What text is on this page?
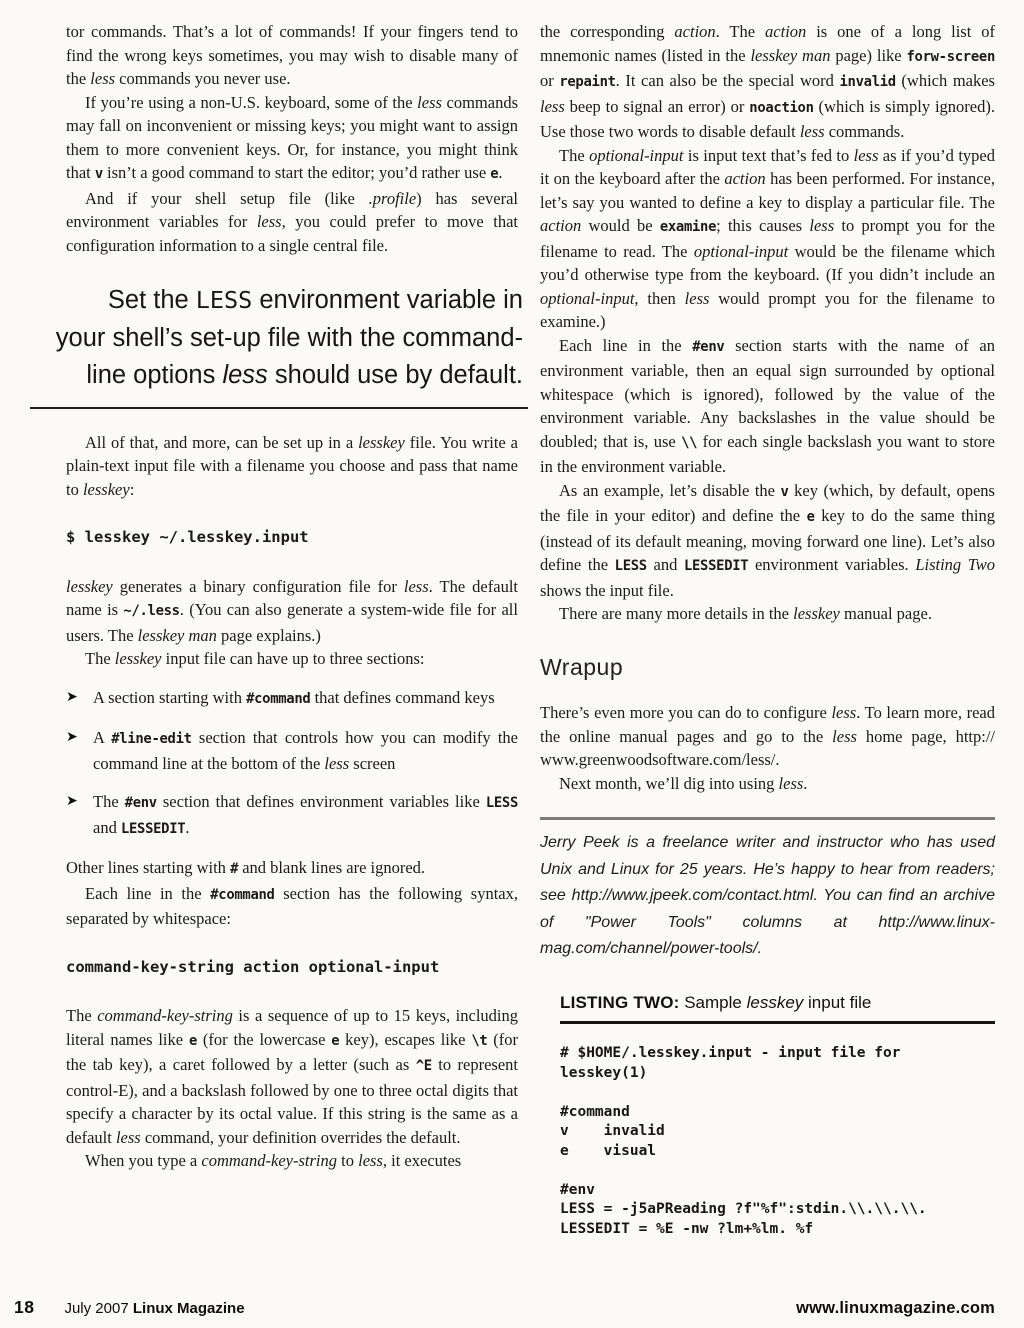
tor commands. That’s a lot of commands! If your fingers tend to find the wrong keys sometimes, you may wish to disable many of the less commands you never use.
If you’re using a non-U.S. keyboard, some of the less commands may fall on inconvenient or missing keys; you might want to assign them to more convenient keys. Or, for instance, you might think that v isn’t a good command to start the editor; you’d rather use e.
And if your shell setup file (like .profile) has several environment variables for less, you could prefer to move that configuration information to a single central file.
Set the LESS environment variable in
your shell’s set-up file with the command-
line options less should use by default.
All of that, and more, can be set up in a lesskey file. You write a plain-text input file with a filename you choose and pass that name to lesskey:
$ lesskey ~/.lesskey.input
lesskey generates a binary configuration file for less. The default name is ~/.less. (You can also generate a system-wide file for all users. The lesskey man page explains.)
The lesskey input file can have up to three sections:
➤ A section starting with #command that defines command keys
➤ A #line-edit section that controls how you can modify the command line at the bottom of the less screen
➤ The #env section that defines environment variables like LESS and LESSEDIT.
Other lines starting with # and blank lines are ignored.
Each line in the #command section has the following syntax, separated by whitespace:
command-key-string action optional-input
The command-key-string is a sequence of up to 15 keys, including literal names like e (for the lowercase e key), escapes like \t (for the tab key), a caret followed by a letter (such as ^E to represent control-E), and a backslash followed by one to three octal digits that specify a character by its octal value. If this string is the same as a default less command, your definition overrides the default.
When you type a command-key-string to less, it executes
the corresponding action. The action is one of a long list of mnemonic names (listed in the lesskey man page) like forw-screen or repaint. It can also be the special word invalid (which makes less beep to signal an error) or noaction (which is simply ignored). Use those two words to disable default less commands.
The optional-input is input text that’s fed to less as if you’d typed it on the keyboard after the action has been performed. For instance, let’s say you wanted to define a key to display a particular file. The action would be examine; this causes less to prompt you for the filename to read. The optional-input would be the filename which you’d otherwise type from the keyboard. (If you didn’t include an optional-input, then less would prompt you for the filename to examine.)
Each line in the #env section starts with the name of an environment variable, then an equal sign surrounded by optional whitespace (which is ignored), followed by the value of the environment variable. Any backslashes in the value should be doubled; that is, use \\ for each single backslash you want to store in the environment variable.
As an example, let’s disable the v key (which, by default, opens the file in your editor) and define the e key to do the same thing (instead of its default meaning, moving forward one line). Let’s also define the LESS and LESSEDIT environment variables. Listing Two shows the input file.
There are many more details in the lesskey manual page.
Wrapup
There’s even more you can do to configure less. To learn more, read the online manual pages and go to the less home page, http:// www.greenwoodsoftware.com/less/.
Next month, we’ll dig into using less.
Jerry Peek is a freelance writer and instructor who has used Unix and Linux for 25 years. He’s happy to hear from readers; see http://www.jpeek.com/contact.html. You can find an archive of "Power Tools" columns at http://www.linux-mag.com/channel/power-tools/.
LISTING TWO: Sample lesskey input file
# $HOME/.lesskey.input - input file for
lesskey(1)
#command
v    invalid
e    visual
#env
LESS = -j5aPReading ?f"%f":stdin.\\.\\.\\.
LESSEDIT = %E -nw ?lm+%lm. %f
18 July 2007 Linux Magazine	www.linuxmagazine.com
